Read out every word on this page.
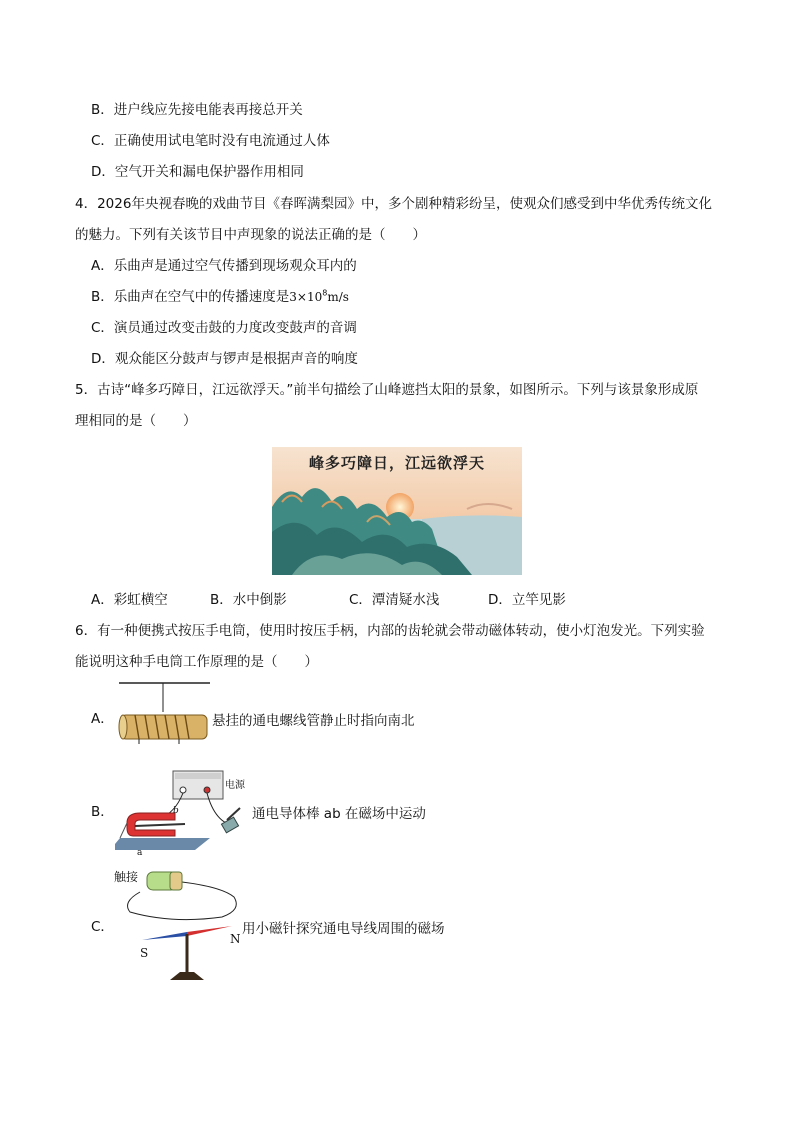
B．进户线应先接电能表再接总开关
C．正确使用试电笔时没有电流通过人体
D．空气开关和漏电保护器作用相同
4．2026年央视春晚的戏曲节目《春晖满梨园》中，多个剧种精彩纷呈，使观众们感受到中华优秀传统文化
的魅力。下列有关该节目中声现象的说法正确的是（　　）
A．乐曲声是通过空气传播到现场观众耳内的
B．乐曲声在空气中的传播速度是$3\times 10^8m/s$
C．演员通过改变击鼓的力度改变鼓声的音调
D．观众能区分鼓声与锣声是根据声音的响度
5．古诗“峰多巧障日，江远欲浮天。”前半句描绘了山峰遮挡太阳的景象，如图所示。下列与该景象形成原
理相同的是（　　）
峰多巧障日，江远欲浮天
A．彩虹横空	B．水中倒影	C．潭清疑水浅	D．立竿见影
6．有一种便携式按压手电筒，使用时按压手柄，内部的齿轮就会带动磁体转动，使小灯泡发光。下列实验
能说明这种手电筒工作原理的是（　　）
A．	悬挂的通电螺线管静止时指向南北
B．
电源
a
b	通电导体棒 ab 在磁场中运动
C．
触接
S
N
用小磁针探究通电导线周围的磁场
